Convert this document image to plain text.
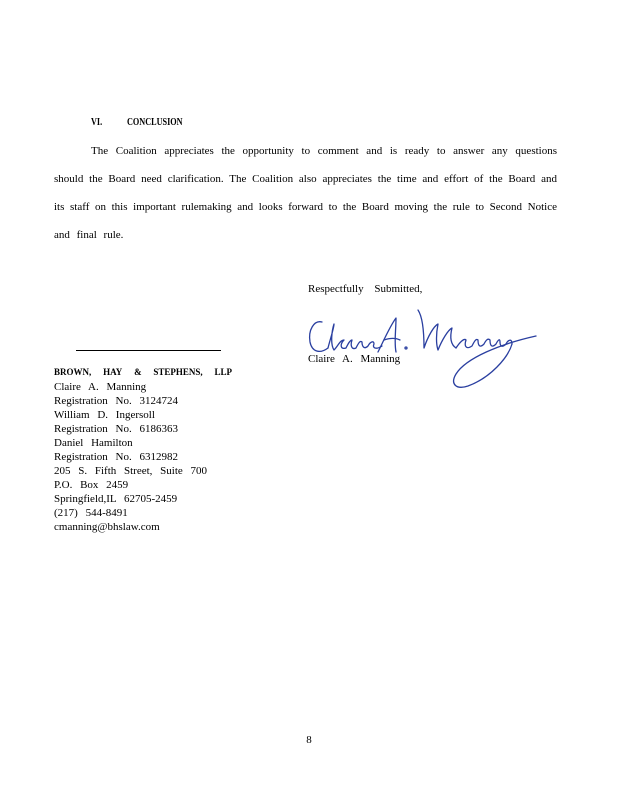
VI. CONCLUSION
The Coalition appreciates the opportunity to comment and is ready to answer any questions
should the Board need clarification. The Coalition also appreciates the time and effort of the Board and
its staff on this important rulemaking and looks forward to the Board moving the rule to Second Notice
and final rule.
Respectfully Submitted,
Claire A. Manning
BROWN, HAY & STEPHENS, LLP
Claire A. Manning
Registration No. 3124724
William D. Ingersoll
Registration No. 6186363
Daniel Hamilton
Registration No. 6312982
205 S. Fifth Street, Suite 700
P.O. Box 2459
Springfield,IL 62705-2459
(217) 544-8491
cmanning@bhslaw.com
8
